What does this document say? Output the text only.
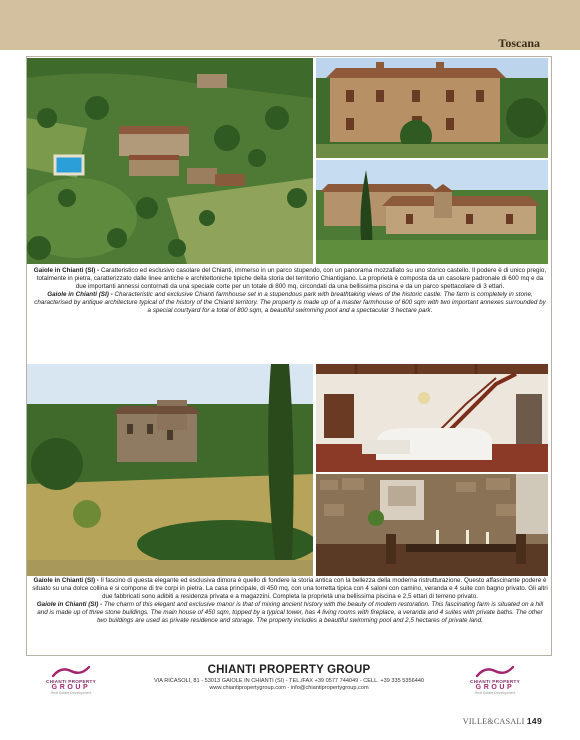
Toscana

Gaiole in Chianti (SI) - Caratteristico ed esclusivo casolare del Chianti, immerso in un parco stupendo, con un panorama mozzafiato su uno storico castello. Il podere è di unico pregio, totalmente in pietra, caratterizzato dalle linee antiche e architettoniche tipiche della storia del territorio Chiantigiano. La proprietà è composta da un casolare padronale di 600 mq e da due importanti annessi contornati da una speciale corte per un totale di 800 mq, circondati da una bellissima piscina e da un parco spettacolare di 3 ettari.

Gaiole in Chianti (SI) - Characteristic and exclusive Chianti farmhouse set in a stupendous park with breathtaking views of the historic castle. The farm is completely in stone, characterised by antique architecture typical of the history of the Chianti territory. The property is made up of a master farmhouse of 600 sqm with two important annexes surrounded by a special courtyard for a total of 800 sqm, a beautiful swimming pool and a spectacular 3 hectare park.

Gaiole in Chianti (SI) - Il fascino di questa elegante ed esclusiva dimora è quello di fondere la storia antica con la bellezza della moderna ristrutturazione. Questo affascinante podere è situato su una dolce collina e si compone di tre corpi in pietra. La casa principale, di 450 mq, con una torretta tipica con 4 saloni con camino, veranda e 4 suite con bagno privato. Gli altri due fabbricati sono adibiti a residenza privata e a magazzini. Completa la proprietà una bellissima piscina e 2,5 ettari di terreno privato.

Gaiole in Chianti (SI) - The charm of this elegant and exclusive manor is that of mixing ancient history with the beauty of modern restoration. This fascinating farm is situated on a hill and is made up of three stone buildings. The main house of 450 sqm, topped by a typical tower, has 4 living rooms with fireplace, a veranda and 4 suites with private baths. The other two buildings are used as private residence and storage. The property includes a beautiful swimming pool and 2,5 hectares of private land.

CHIANTI PROPERTY
GROUP
Real Estate Development
CHIANTI PROPERTY GROUP
VIA RICASOLI, 81 - 53013 GAIOLE IN CHIANTI (SI) - TEL./FAX +39 0577 744049 - CELL. +39 335 5356440
www.chiantipropertygroup.com - info@chiantipropertygroup.com
CHIANTI PROPERTY
GROUP
Real Estate Development
VILLE&CASALI 149
